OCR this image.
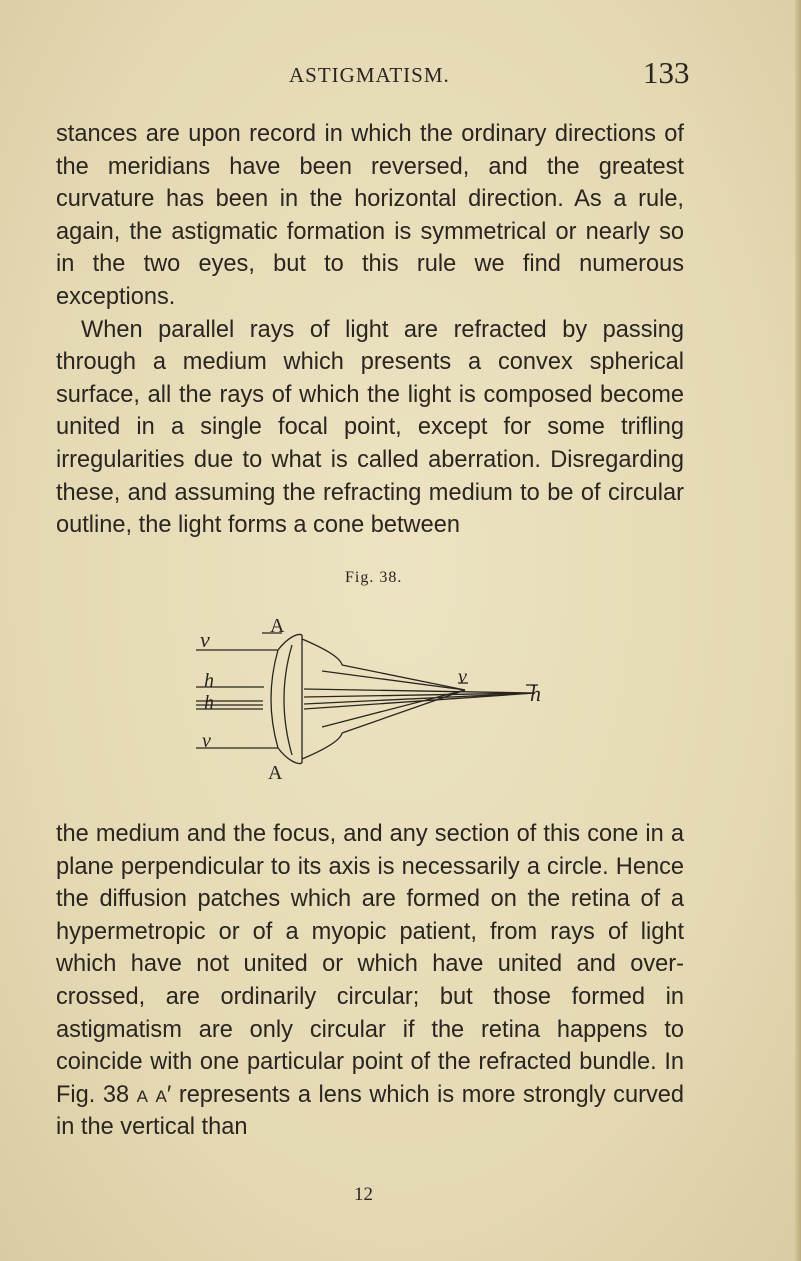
ASTIGMATISM.	133

stances are upon record in which the ordinary directions of the meridians have been reversed, and the greatest curvature has been in the horizontal direction. As a rule, again, the astigmatic formation is symmetrical or nearly so in the two eyes, but to this rule we find numerous exceptions.

When parallel rays of light are refracted by passing through a medium which presents a convex spherical surface, all the rays of which the light is composed become united in a single focal point, except for some trifling irregularities due to what is called aberration. Disregarding these, and assuming the refracting medium to be of circular outline, the light forms a cone between

Fig. 38.
v
h
h
v
A
A
v
h

the medium and the focus, and any section of this cone in a plane perpendicular to its axis is necessarily a circle. Hence the diffusion patches which are formed on the retina of a hypermetropic or of a myopic patient, from rays of light which have not united or which have united and over-crossed, are ordinarily circular; but those formed in astigmatism are only circular if the retina happens to coincide with one particular point of the refracted bundle. In Fig. 38 a a′ represents a lens which is more strongly curved in the vertical than

12
